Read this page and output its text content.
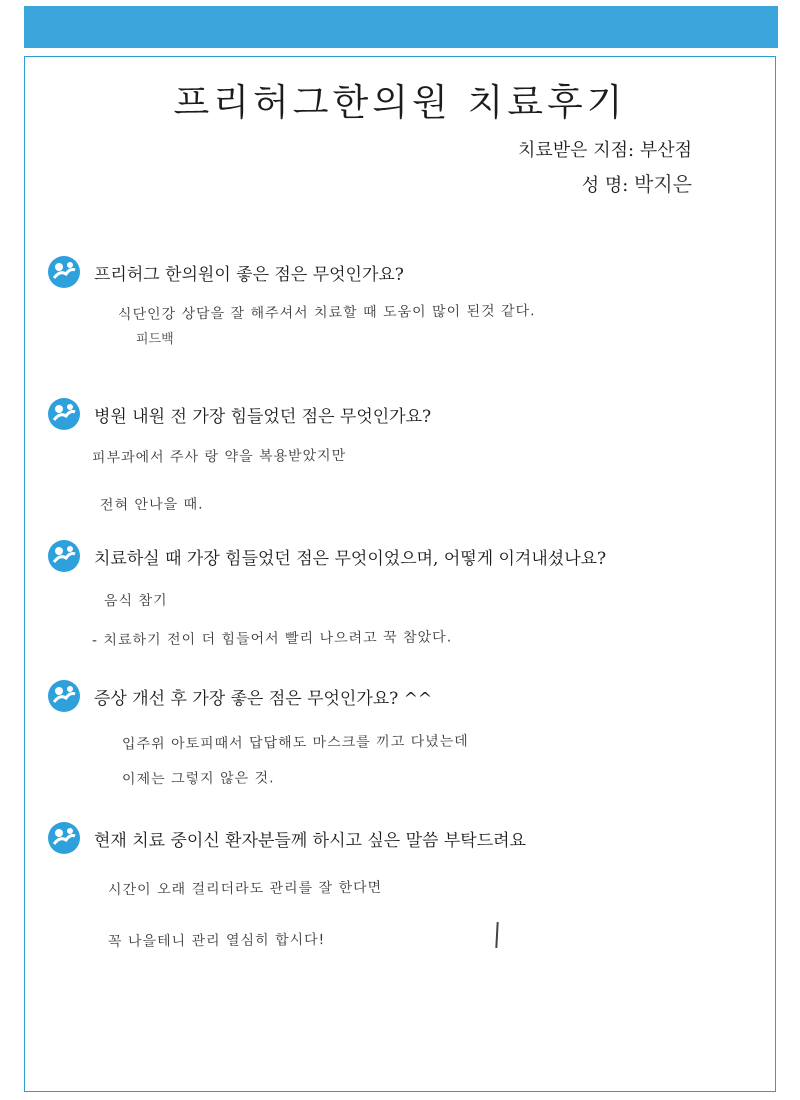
프리허그한의원 치료후기
치료받은 지점: 부산점
성 명: 박지은
프리허그 한의원이 좋은 점은 무엇인가요?
식단인강 상담을 잘 해주셔서 치료할 때 도움이 많이 된것 같다.
피드백
병원 내원 전 가장 힘들었던 점은 무엇인가요?
피부과에서 주사 랑 약을 복용받았지만
전혀 안나을 때.
치료하실 때 가장 힘들었던 점은 무엇이었으며, 어떻게 이겨내셨나요?
음식 참기
- 치료하기 전이 더 힘들어서 빨리 나으려고 꾹 참았다.
증상 개선 후 가장 좋은 점은 무엇인가요? ^^
입주위 아토피때서 답답해도 마스크를 끼고 다녔는데
이제는 그렇지 않은 것.
현재 치료 중이신 환자분들께 하시고 싶은 말씀 부탁드려요
시간이 오래 걸리더라도 관리를 잘 한다면
꼭 나을테니 관리 열심히 합시다!
